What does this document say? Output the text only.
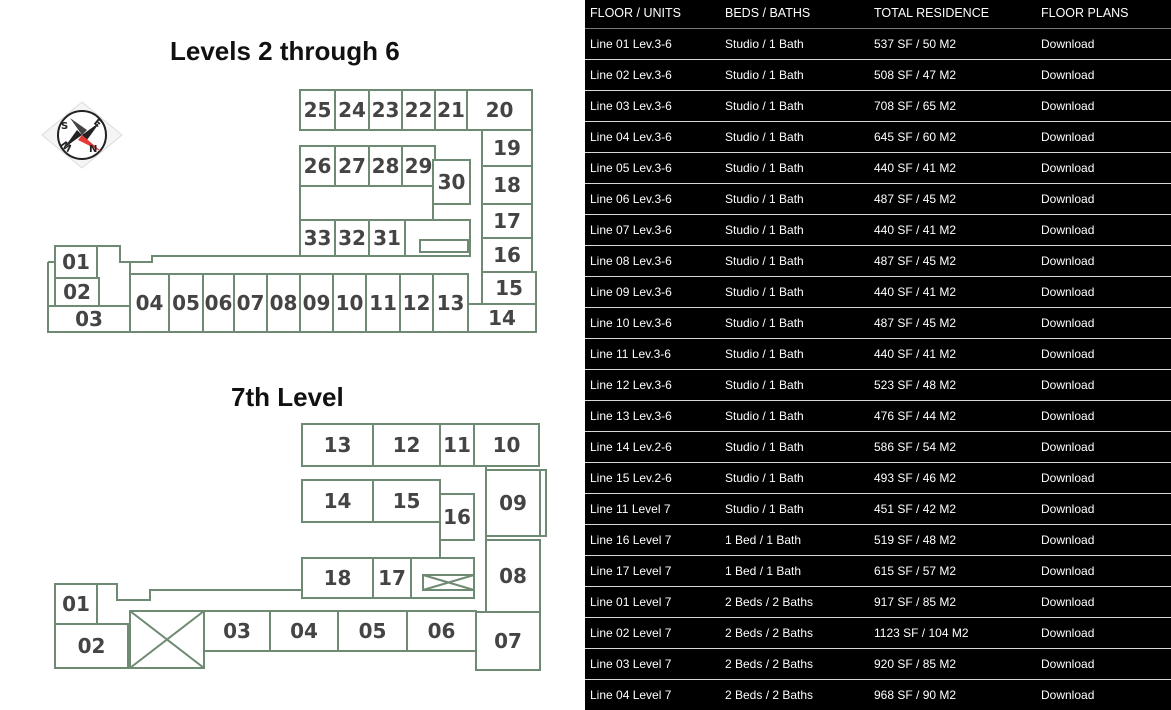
Levels 2 through 6
7th Level
S
N
E
W
25 24 23 22 21 20
19
18
17
16
15
14
26 27 28 29
30
33 32 31
13
12
11
10
09
08
07
06
05
04
01
02
03
13 12 11 10
14 15
16
09
18 17	08
01
02
03 04 05 06 07
FLOOR / UNITS	BEDS / BATHS	TOTAL RESIDENCE	FLOOR PLANS
Line 01 Lev.3-6	Studio / 1 Bath	537 SF / 50 M2	Download
Line 02 Lev.3-6	Studio / 1 Bath	508 SF / 47 M2	Download
Line 03 Lev.3-6	Studio / 1 Bath	708 SF / 65 M2	Download
Line 04 Lev.3-6	Studio / 1 Bath	645 SF / 60 M2	Download
Line 05 Lev.3-6	Studio / 1 Bath	440 SF / 41 M2	Download
Line 06 Lev.3-6	Studio / 1 Bath	487 SF / 45 M2	Download
Line 07 Lev.3-6	Studio / 1 Bath	440 SF / 41 M2	Download
Line 08 Lev.3-6	Studio / 1 Bath	487 SF / 45 M2	Download
Line 09 Lev.3-6	Studio / 1 Bath	440 SF / 41 M2	Download
Line 10 Lev.3-6	Studio / 1 Bath	487 SF / 45 M2	Download
Line 11 Lev.3-6	Studio / 1 Bath	440 SF / 41 M2	Download
Line 12 Lev.3-6	Studio / 1 Bath	523 SF / 48 M2	Download
Line 13 Lev.3-6	Studio / 1 Bath	476 SF / 44 M2	Download
Line 14 Lev.2-6	Studio / 1 Bath	586 SF / 54 M2	Download
Line 15 Lev.2-6	Studio / 1 Bath	493 SF / 46 M2	Download
Line 11 Level 7	Studio / 1 Bath	451 SF / 42 M2	Download
Line 16 Level 7	1 Bed / 1 Bath	519 SF / 48 M2	Download
Line 17 Level 7	1 Bed / 1 Bath	615 SF / 57 M2	Download
Line 01 Level 7	2 Beds / 2 Baths	917 SF / 85 M2	Download
Line 02 Level 7	2 Beds / 2 Baths	1123 SF / 104 M2	Download
Line 03 Level 7	2 Beds / 2 Baths	920 SF / 85 M2	Download
Line 04 Level 7	2 Beds / 2 Baths	968 SF / 90 M2	Download
